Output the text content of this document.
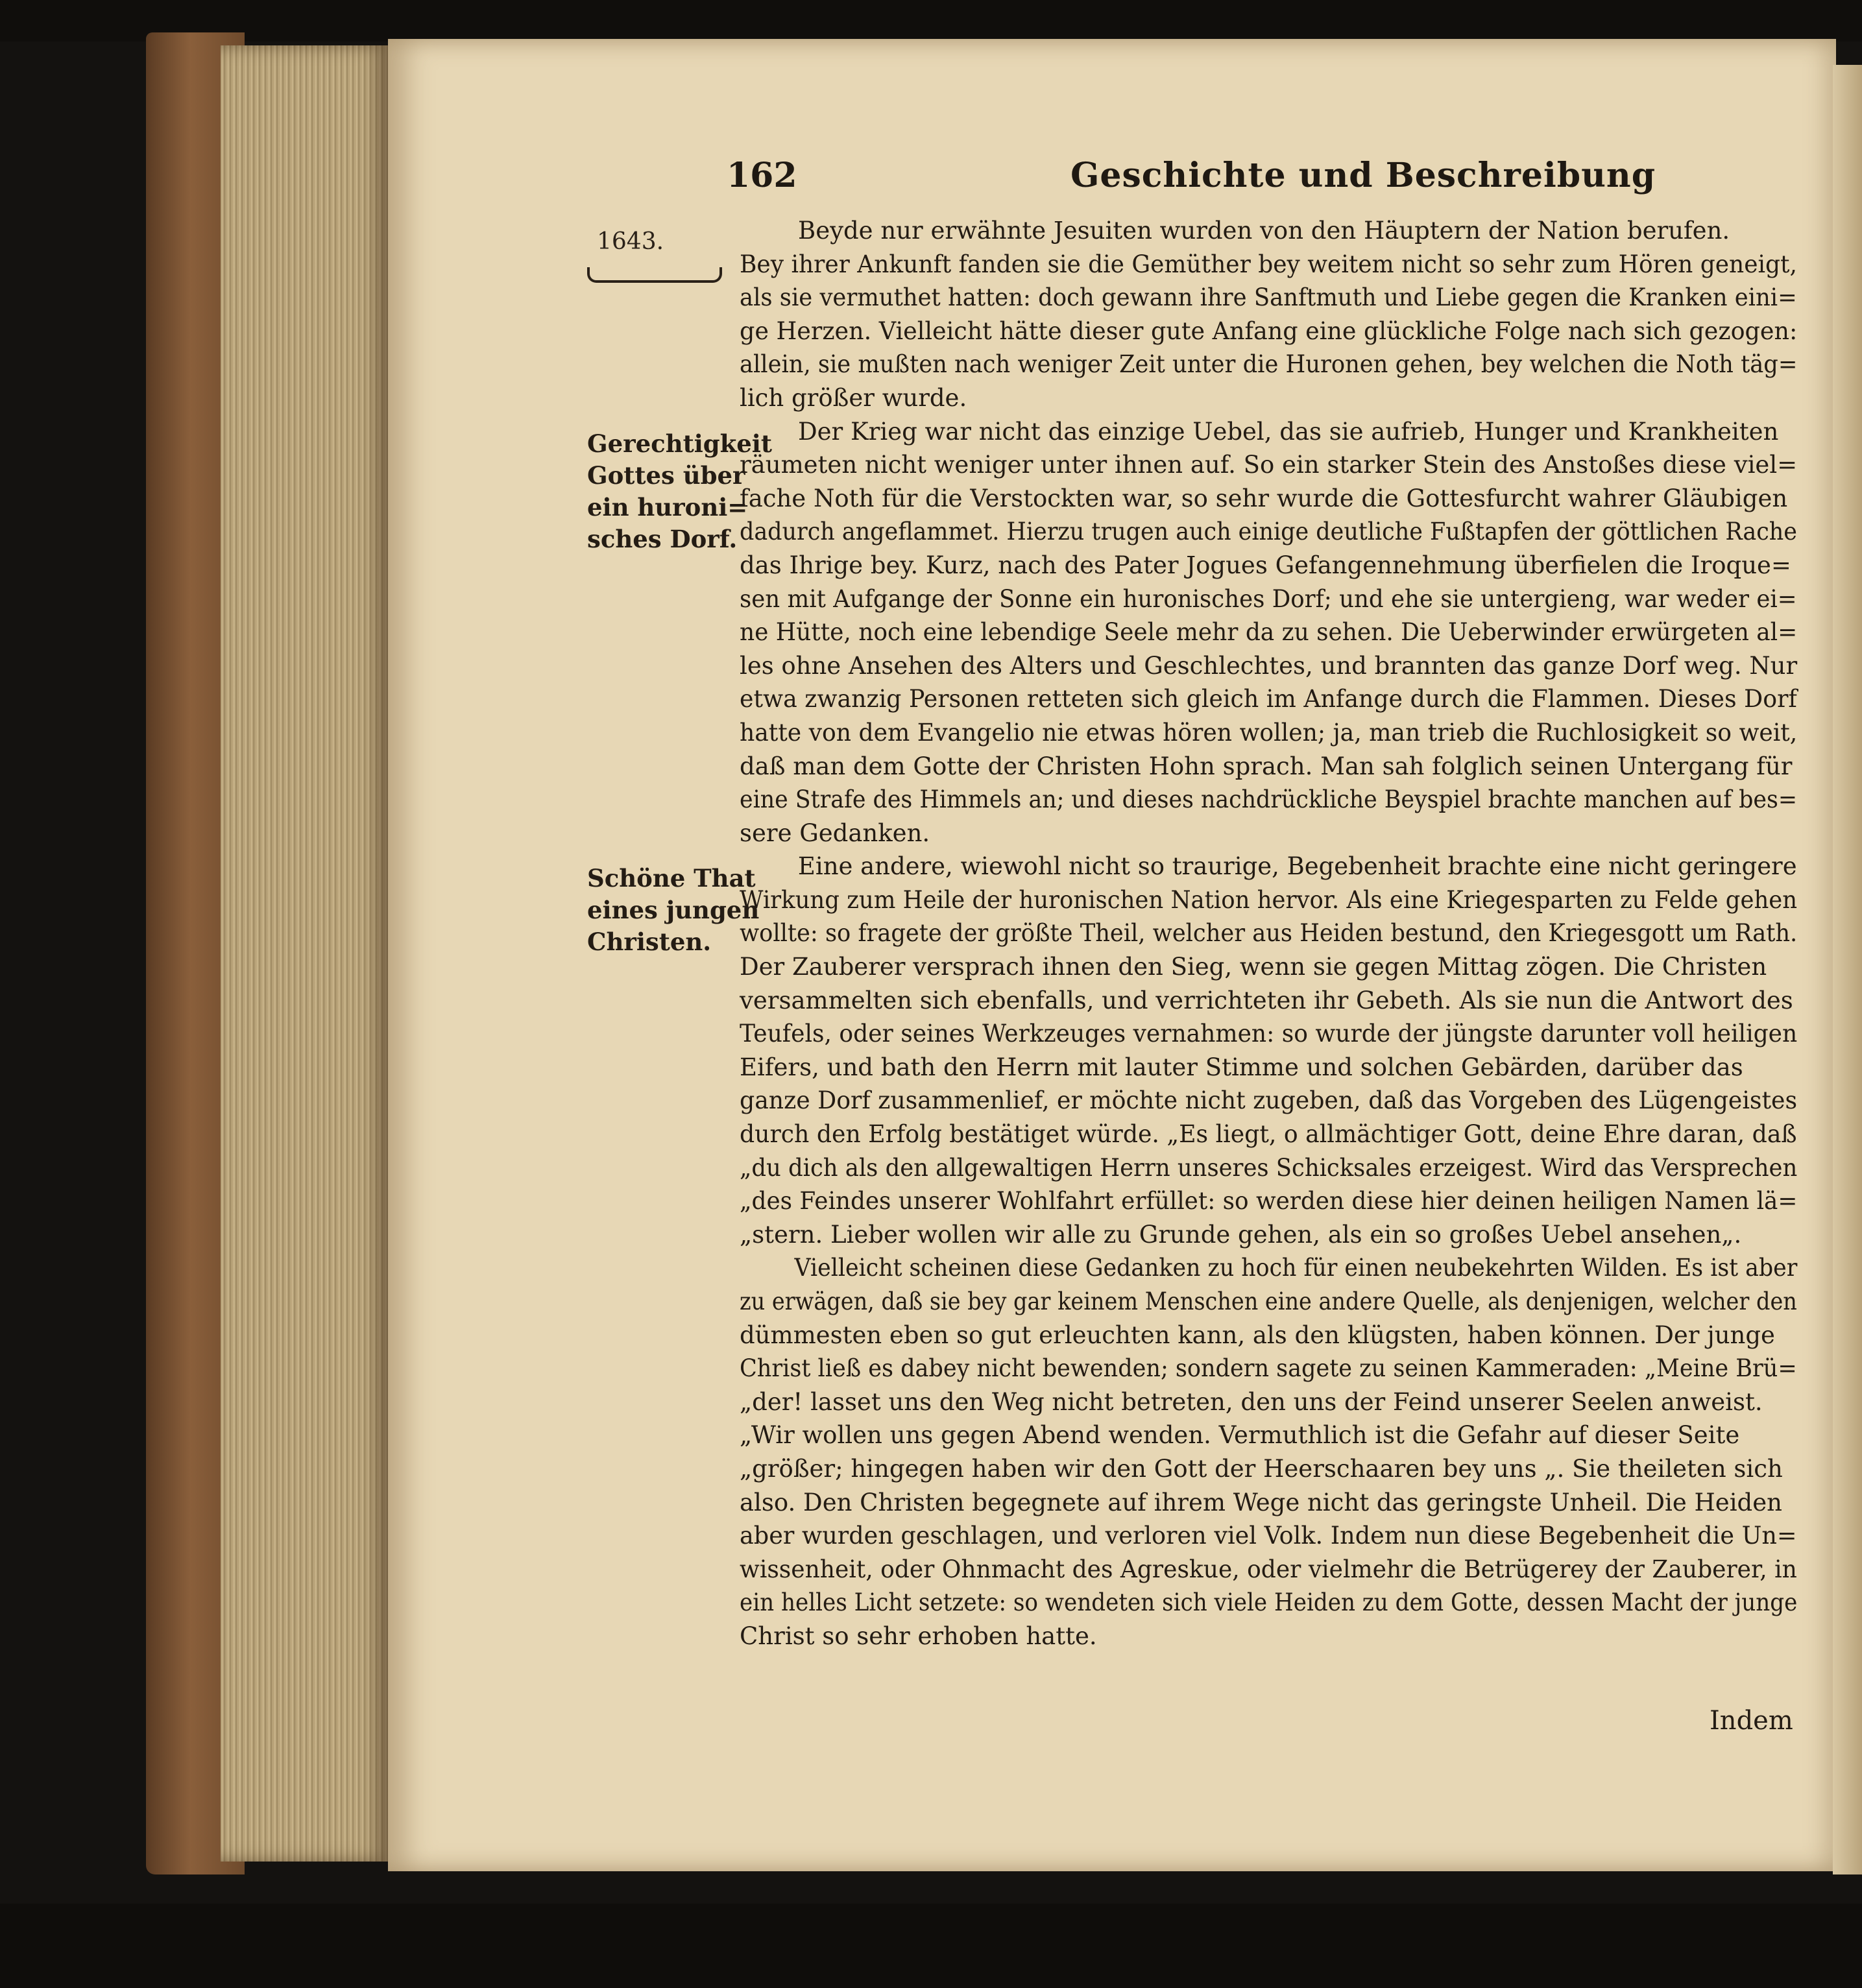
162	Geschichte und Beschreibung
1643.
Gerechtigkeit
Gottes über
ein huroni=
sches Dorf.
Schöne That
eines jungen
Christen.
Beyde nur erwähnte Jesuiten wurden von den Häuptern der Nation berufen.
Bey ihrer Ankunft fanden sie die Gemüther bey weitem nicht so sehr zum Hören geneigt,
als sie vermuthet hatten: doch gewann ihre Sanftmuth und Liebe gegen die Kranken eini=
ge Herzen. Vielleicht hätte dieser gute Anfang eine glückliche Folge nach sich gezogen:
allein, sie mußten nach weniger Zeit unter die Huronen gehen, bey welchen die Noth täg=
lich größer wurde.
Der Krieg war nicht das einzige Uebel, das sie aufrieb, Hunger und Krankheiten
räumeten nicht weniger unter ihnen auf. So ein starker Stein des Anstoßes diese viel=
fache Noth für die Verstockten war, so sehr wurde die Gottesfurcht wahrer Gläubigen
dadurch angeflammet. Hierzu trugen auch einige deutliche Fußtapfen der göttlichen Rache
das Ihrige bey. Kurz, nach des Pater Jogues Gefangennehmung überfielen die Iroque=
sen mit Aufgange der Sonne ein huronisches Dorf; und ehe sie untergieng, war weder ei=
ne Hütte, noch eine lebendige Seele mehr da zu sehen. Die Ueberwinder erwürgeten al=
les ohne Ansehen des Alters und Geschlechtes, und brannten das ganze Dorf weg. Nur
etwa zwanzig Personen retteten sich gleich im Anfange durch die Flammen. Dieses Dorf
hatte von dem Evangelio nie etwas hören wollen; ja, man trieb die Ruchlosigkeit so weit,
daß man dem Gotte der Christen Hohn sprach. Man sah folglich seinen Untergang für
eine Strafe des Himmels an; und dieses nachdrückliche Beyspiel brachte manchen auf bes=
sere Gedanken.
Eine andere, wiewohl nicht so traurige, Begebenheit brachte eine nicht geringere
Wirkung zum Heile der huronischen Nation hervor. Als eine Kriegesparten zu Felde gehen
wollte: so fragete der größte Theil, welcher aus Heiden bestund, den Kriegesgott um Rath.
Der Zauberer versprach ihnen den Sieg, wenn sie gegen Mittag zögen. Die Christen
versammelten sich ebenfalls, und verrichteten ihr Gebeth. Als sie nun die Antwort des
Teufels, oder seines Werkzeuges vernahmen: so wurde der jüngste darunter voll heiligen
Eifers, und bath den Herrn mit lauter Stimme und solchen Gebärden, darüber das
ganze Dorf zusammenlief, er möchte nicht zugeben, daß das Vorgeben des Lügengeistes
durch den Erfolg bestätiget würde. „Es liegt, o allmächtiger Gott, deine Ehre daran, daß
„du dich als den allgewaltigen Herrn unseres Schicksales erzeigest. Wird das Versprechen
„des Feindes unserer Wohlfahrt erfüllet: so werden diese hier deinen heiligen Namen lä=
„stern. Lieber wollen wir alle zu Grunde gehen, als ein so großes Uebel ansehen„.
Vielleicht scheinen diese Gedanken zu hoch für einen neubekehrten Wilden. Es ist aber
zu erwägen, daß sie bey gar keinem Menschen eine andere Quelle, als denjenigen, welcher den
dümmesten eben so gut erleuchten kann, als den klügsten, haben können. Der junge
Christ ließ es dabey nicht bewenden; sondern sagete zu seinen Kammeraden: „Meine Brü=
„der! lasset uns den Weg nicht betreten, den uns der Feind unserer Seelen anweist.
„Wir wollen uns gegen Abend wenden. Vermuthlich ist die Gefahr auf dieser Seite
„größer; hingegen haben wir den Gott der Heerschaaren bey uns „. Sie theileten sich
also. Den Christen begegnete auf ihrem Wege nicht das geringste Unheil. Die Heiden
aber wurden geschlagen, und verloren viel Volk. Indem nun diese Begebenheit die Un=
wissenheit, oder Ohnmacht des Agreskue, oder vielmehr die Betrügerey der Zauberer, in
ein helles Licht setzete: so wendeten sich viele Heiden zu dem Gotte, dessen Macht der junge
Christ so sehr erhoben hatte.
Indem
